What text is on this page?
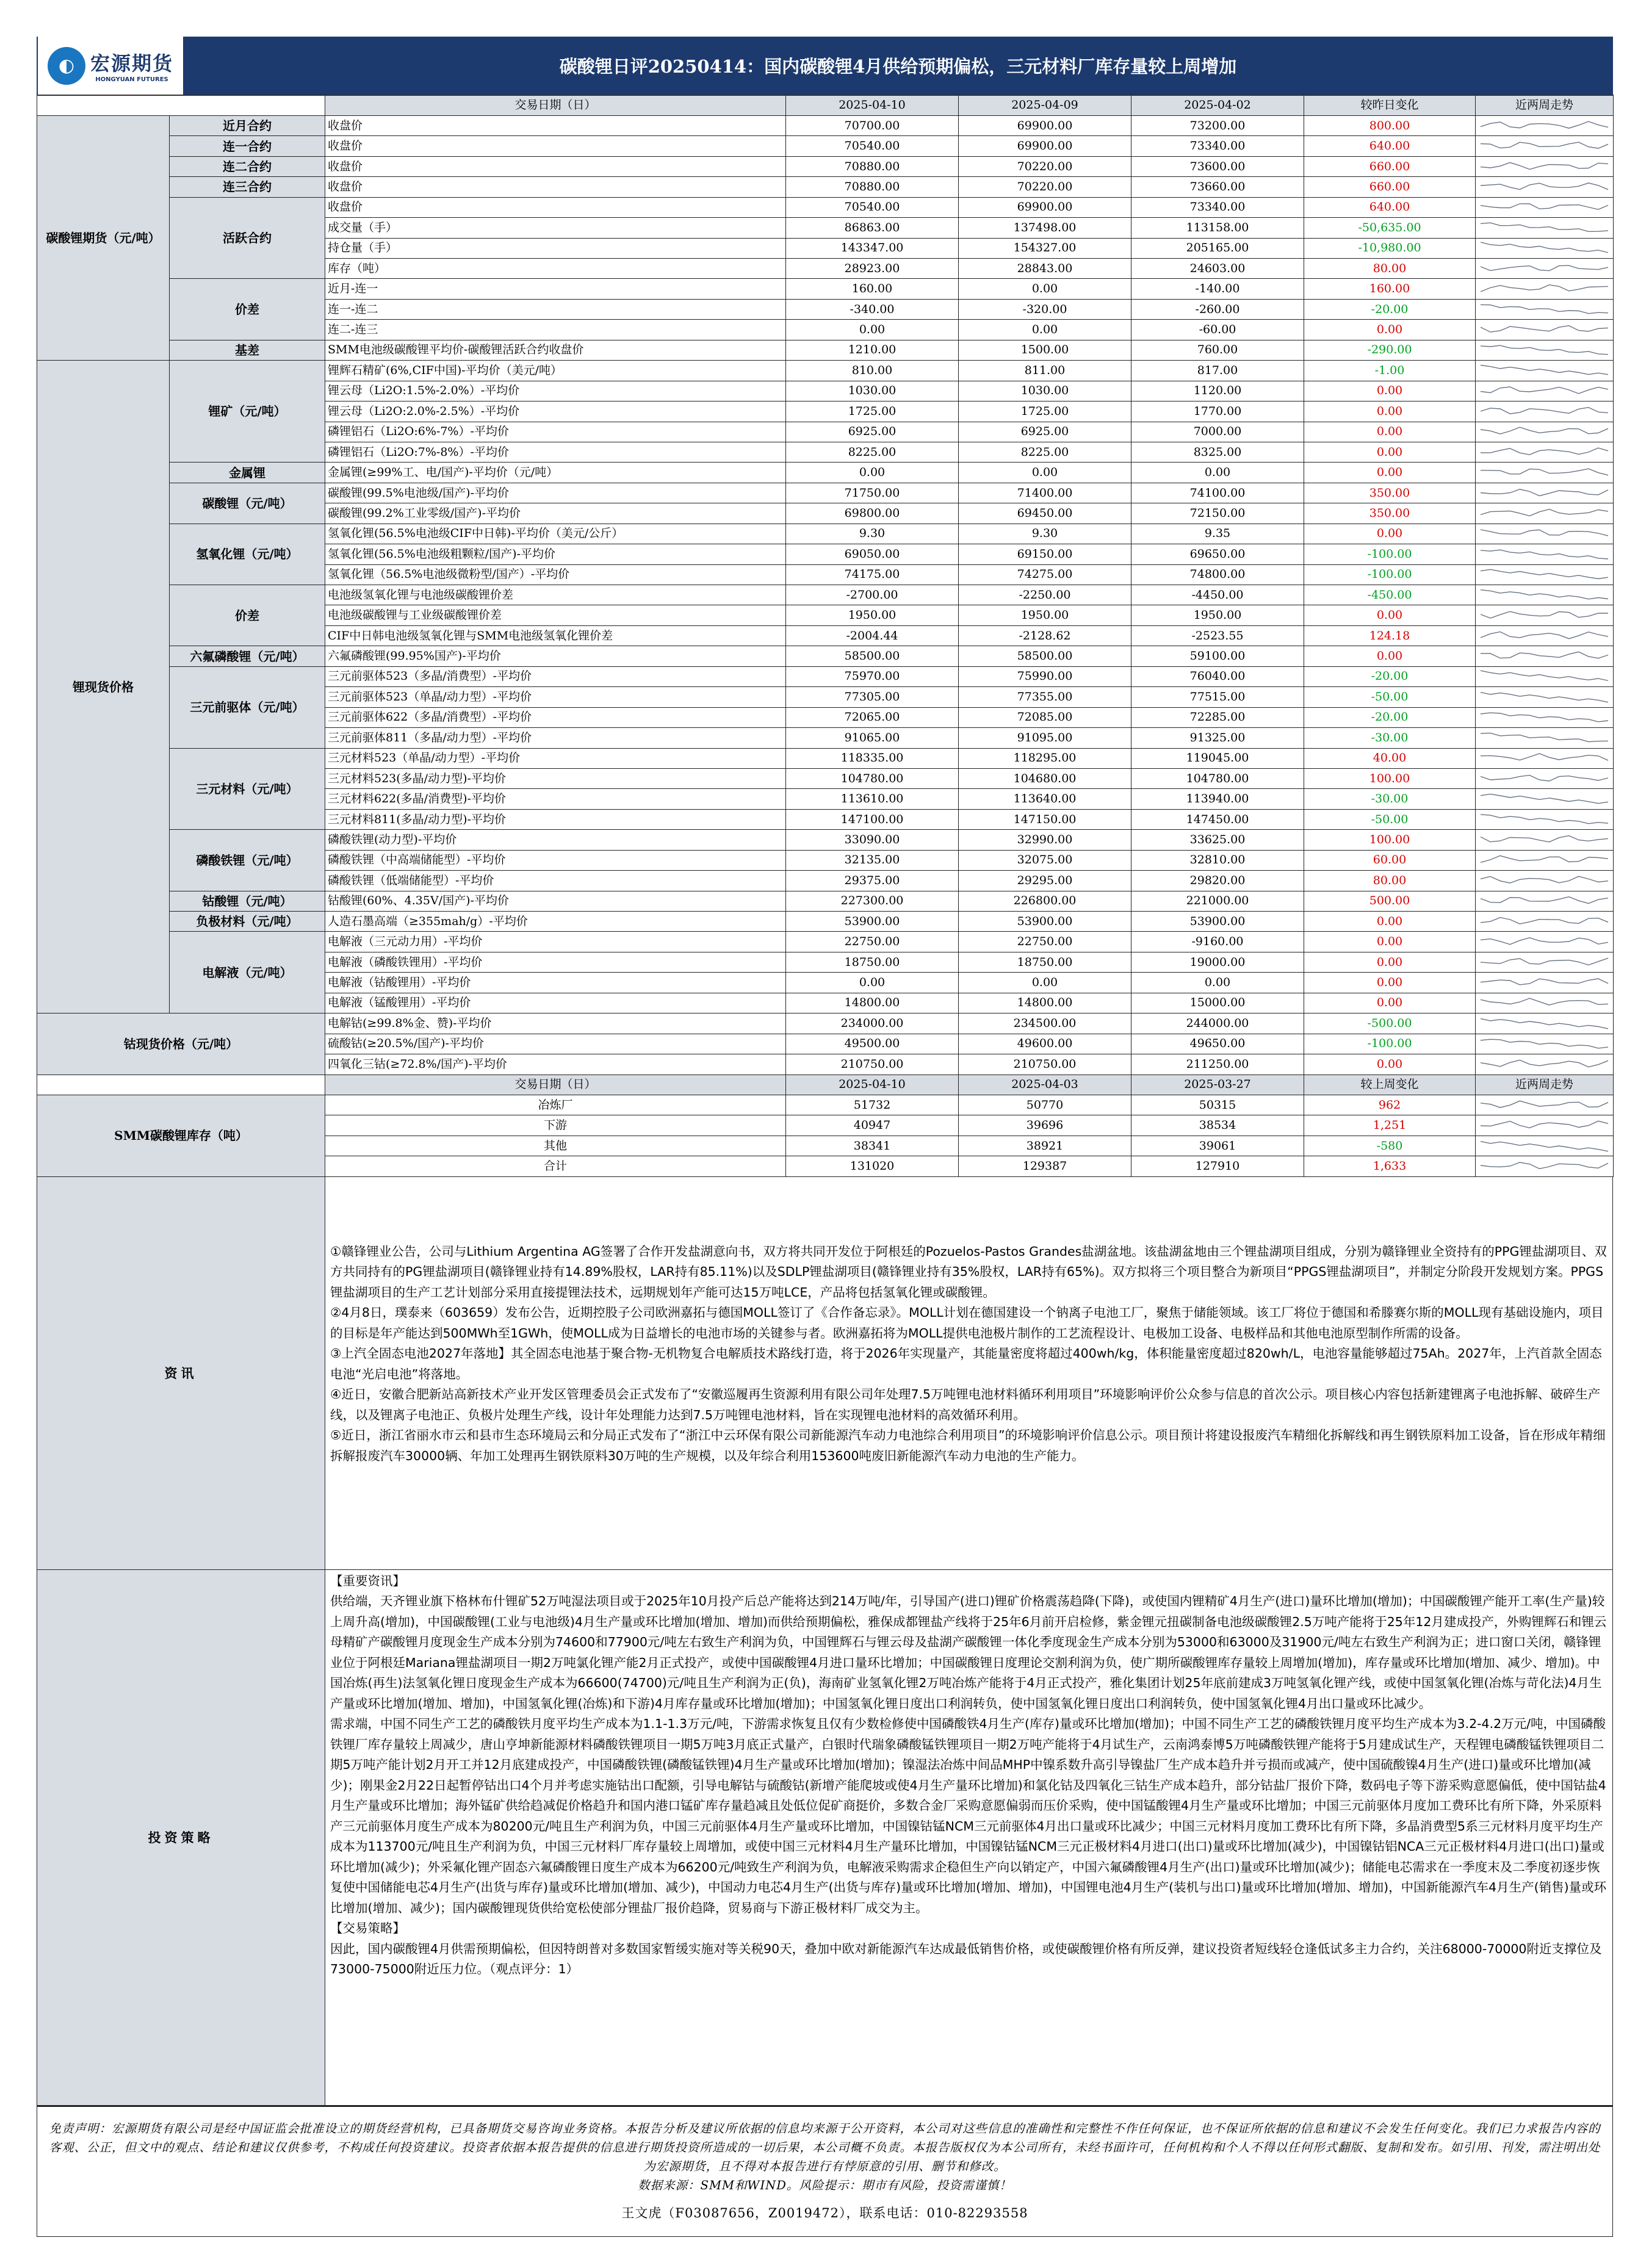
◐ 宏源期货
HONGYUAN FUTURES
碳酸锂日评20250414：国内碳酸锂4月供给预期偏松，三元材料厂库存量较上周增加
		交易日期（日）	2025-04-10	2025-04-09	2025-04-02	较昨日变化	近两周走势
碳酸锂期货（元/吨）	近月合约	收盘价	70700.00	69900.00	73200.00	800.00	

	连一合约	收盘价	70540.00	69900.00	73340.00	640.00	

	连二合约	收盘价	70880.00	70220.00	73600.00	660.00	

	连三合约	收盘价	70880.00	70220.00	73660.00	660.00	

	活跃合约	收盘价	70540.00	69900.00	73340.00	640.00	

		成交量（手）	86863.00	137498.00	113158.00	-50,635.00	

		持仓量（手）	143347.00	154327.00	205165.00	-10,980.00	

		库存（吨）	28923.00	28843.00	24603.00	80.00	

	价差	近月-连一	160.00	0.00	-140.00	160.00	

		连一-连二	-340.00	-320.00	-260.00	-20.00	

		连二-连三	0.00	0.00	-60.00	0.00	

	基差	SMM电池级碳酸锂平均价-碳酸锂活跃合约收盘价	1210.00	1500.00	760.00	-290.00	

锂现货价格	锂矿（元/吨）	锂辉石精矿(6%,CIF中国)-平均价（美元/吨）	810.00	811.00	817.00	-1.00	

		锂云母（Li2O:1.5%-2.0%）-平均价	1030.00	1030.00	1120.00	0.00	

		锂云母（Li2O:2.0%-2.5%）-平均价	1725.00	1725.00	1770.00	0.00	

		磷锂铝石（Li2O:6%-7%）-平均价	6925.00	6925.00	7000.00	0.00	

		磷锂铝石（Li2O:7%-8%）-平均价	8225.00	8225.00	8325.00	0.00	

	金属锂	金属锂(≥99%工、电/国产)-平均价（元/吨）	0.00	0.00	0.00	0.00	

	碳酸锂（元/吨）	碳酸锂(99.5%电池级/国产)-平均价	71750.00	71400.00	74100.00	350.00	

		碳酸锂(99.2%工业零级/国产)-平均价	69800.00	69450.00	72150.00	350.00	

	氢氧化锂（元/吨）	氢氧化锂(56.5%电池级CIF中日韩)-平均价（美元/公斤）	9.30	9.30	9.35	0.00	

		氢氧化锂(56.5%电池级粗颗粒/国产)-平均价	69050.00	69150.00	69650.00	-100.00	

		氢氧化锂（56.5%电池级微粉型/国产）-平均价	74175.00	74275.00	74800.00	-100.00	

	价差	电池级氢氧化锂与电池级碳酸锂价差	-2700.00	-2250.00	-4450.00	-450.00	

		电池级碳酸锂与工业级碳酸锂价差	1950.00	1950.00	1950.00	0.00	

		CIF中日韩电池级氢氧化锂与SMM电池级氢氧化锂价差	-2004.44	-2128.62	-2523.55	124.18	

	六氟磷酸锂（元/吨）	六氟磷酸锂(99.95%国产)-平均价	58500.00	58500.00	59100.00	0.00	

	三元前驱体（元/吨）	三元前驱体523（多晶/消费型）-平均价	75970.00	75990.00	76040.00	-20.00	

		三元前驱体523（单晶/动力型）-平均价	77305.00	77355.00	77515.00	-50.00	

		三元前驱体622（多晶/消费型）-平均价	72065.00	72085.00	72285.00	-20.00	

		三元前驱体811（多晶/动力型）-平均价	91065.00	91095.00	91325.00	-30.00	

	三元材料（元/吨）	三元材料523（单晶/动力型）-平均价	118335.00	118295.00	119045.00	40.00	

		三元材料523(多晶/动力型)-平均价	104780.00	104680.00	104780.00	100.00	

		三元材料622(多晶/消费型)-平均价	113610.00	113640.00	113940.00	-30.00	

		三元材料811(多晶/动力型)-平均价	147100.00	147150.00	147450.00	-50.00	

	磷酸铁锂（元/吨）	磷酸铁锂(动力型)-平均价	33090.00	32990.00	33625.00	100.00	

		磷酸铁锂（中高端储能型）-平均价	32135.00	32075.00	32810.00	60.00	

		磷酸铁锂（低端储能型）-平均价	29375.00	29295.00	29820.00	80.00	

	钴酸锂（元/吨）	钴酸锂(60%、4.35V/国产)-平均价	227300.00	226800.00	221000.00	500.00	

	负极材料（元/吨）	人造石墨高端（≥355mah/g）-平均价	53900.00	53900.00	53900.00	0.00	

	电解液（元/吨）	电解液（三元动力用）-平均价	22750.00	22750.00	-9160.00	0.00	

		电解液（磷酸铁锂用）-平均价	18750.00	18750.00	19000.00	0.00	

		电解液（钴酸锂用）-平均价	0.00	0.00	0.00	0.00	

		电解液（锰酸锂用）-平均价	14800.00	14800.00	15000.00	0.00	

钴现货价格（元/吨）		电解钴(≥99.8%金、赞)-平均价	234000.00	234500.00	244000.00	-500.00	

		硫酸钴(≥20.5%/国产)-平均价	49500.00	49600.00	49650.00	-100.00	

		四氧化三钴(≥72.8%/国产)-平均价	210750.00	210750.00	211250.00	0.00	

		交易日期（日）	2025-04-10	2025-04-03	2025-03-27	较上周变化	近两周走势
SMM碳酸锂库存（吨）		冶炼厂	51732	50770	50315	962	

		下游	40947	39696	38534	1,251	

		其他	38341	38921	39061	-580	

		合计	131020	129387	127910	1,633	
资讯
①赣锋锂业公告，公司与Lithium Argentina AG签署了合作开发盐湖意向书，双方将共同开发位于阿根廷的Pozuelos-Pastos Grandes盐湖盆地。该盐湖盆地由三个锂盐湖项目组成，分别为赣锋锂业全资持有的PPG锂盐湖项目、双方共同持有的PG锂盐湖项目(赣锋锂业持有14.89%股权，LAR持有85.11%)以及SDLP锂盐湖项目(赣锋锂业持有35%股权，LAR持有65%)。双方拟将三个项目整合为新项目“PPGS锂盐湖项目”，并制定分阶段开发规划方案。PPGS锂盐湖项目的生产工艺计划部分采用直接提锂法技术，远期规划年产能可达15万吨LCE，产品将包括氢氧化锂或碳酸锂。
②4月8日，璞泰来（603659）发布公告，近期控股子公司欧洲嘉拓与德国MOLL签订了《合作备忘录》。MOLL计划在德国建设一个钠离子电池工厂，聚焦于储能领域。该工厂将位于德国和希滕赛尔斯的MOLL现有基础设施内，项目的目标是年产能达到500MWh至1GWh，使MOLL成为日益增长的电池市场的关键参与者。欧洲嘉拓将为MOLL提供电池极片制作的工艺流程设计、电极加工设备、电极样品和其他电池原型制作所需的设备。
③上汽全固态电池2027年落地】其全固态电池基于聚合物-无机物复合电解质技术路线打造，将于2026年实现量产，其能量密度将超过400wh/kg，体积能量密度超过820wh/L，电池容量能够超过75Ah。2027年，上汽首款全固态电池“光启电池”将落地。
④近日，安徽合肥新站高新技术产业开发区管理委员会正式发布了“安徽巡履再生资源利用有限公司年处理7.5万吨锂电池材料循环利用项目”环境影响评价公众参与信息的首次公示。项目核心内容包括新建锂离子电池拆解、破碎生产线，以及锂离子电池正、负极片处理生产线，设计年处理能力达到7.5万吨锂电池材料，旨在实现锂电池材料的高效循环利用。
⑤近日，浙江省丽水市云和县市生态环境局云和分局正式发布了“浙江中云环保有限公司新能源汽车动力电池综合利用项目”的环境影响评价信息公示。项目预计将建设报废汽车精细化拆解线和再生钢铁原料加工设备，旨在形成年精细拆解报废汽车30000辆、年加工处理再生钢铁原料30万吨的生产规模，以及年综合利用153600吨废旧新能源汽车动力电池的生产能力。
投资策略

【重要资讯】

供给端，天齐锂业旗下格林布什锂矿52万吨湿法项目或于2025年10月投产后总产能将达到214万吨/年，引导国产(进口)锂矿价格震荡趋降(下降)，或使国内锂精矿4月生产(进口)量环比增加(增加)；中国碳酸锂产能开工率(生产量)较上周升高(增加)，中国碳酸锂(工业与电池级)4月生产量或环比增加(增加、增加)而供给预期偏松，雅保成都锂盐产线将于25年6月前开启检修，紫金锂元扭碳制备电池级碳酸锂2.5万吨产能将于25年12月建成投产，外购锂辉石和锂云母精矿产碳酸锂月度现金生产成本分别为74600和77900元/吨左右致生产利润为负，中国锂辉石与锂云母及盐湖产碳酸锂一体化季度现金生产成本分别为53000和63000及31900元/吨左右致生产利润为正；进口窗口关闭，赣锋锂业位于阿根廷Mariana锂盐湖项目一期2万吨氯化锂产能2月正式投产，或使中国碳酸锂4月进口量环比增加；中国碳酸锂日度理论交割利润为负，使广期所碳酸锂库存量较上周增加(增加)，库存量或环比增加(增加、减少、增加)。中国冶炼(再生)法氢氧化锂日度现金生产成本为66600(74700)元/吨且生产利润为正(负)，海南矿业氢氧化锂2万吨冶炼产能将于4月正式投产，雅化集团计划25年底前建成3万吨氢氧化锂产线，或使中国氢氧化锂(冶炼与苛化法)4月生产量或环比增加(增加、增加)，中国氢氧化锂(冶炼)和下游)4月库存量或环比增加(增加)；中国氢氧化锂日度出口利润转负，使中国氢氧化锂日度出口利润转负，使中国氢氧化锂4月出口量或环比减少。

需求端，中国不同生产工艺的磷酸铁月度平均生产成本为1.1-1.3万元/吨，下游需求恢复且仅有少数检修使中国磷酸铁4月生产(库存)量或环比增加(增加)；中国不同生产工艺的磷酸铁锂月度平均生产成本为3.2-4.2万元/吨，中国磷酸铁锂厂库存量较上周减少，唐山亨坤新能源材料磷酸铁锂项目一期5万吨3月底正式量产，白银时代瑞象磷酸锰铁锂项目一期2万吨产能将于4月试生产，云南鸿泰博5万吨磷酸铁锂产能将于5月建成试生产，天程锂电磷酸锰铁锂项目二期5万吨产能计划2月开工并12月底建成投产，中国磷酸铁锂(磷酸锰铁锂)4月生产量或环比增加(增加)；镍湿法冶炼中间品MHP中镍系数升高引导镍盐厂生产成本趋升并亏损而或减产，使中国硫酸镍4月生产(进口)量或环比增加(减少)；刚果金2月22日起暂停钴出口4个月并考虑实施钴出口配额，引导电解钴与硫酸钴(新增产能爬坡或使4月生产量环比增加)和氯化钴及四氧化三钴生产成本趋升，部分钴盐厂报价下降，数码电子等下游采购意愿偏低，使中国钴盐4月生产量或环比增加；海外锰矿供给趋减促价格趋升和国内港口锰矿库存量趋减且处低位促矿商挺价，多数合金厂采购意愿偏弱而压价采购，使中国锰酸锂4月生产量或环比增加；中国三元前驱体月度加工费环比有所下降，外采原料产三元前驱体月度生产成本为80200元/吨且生产利润为负，中国三元前驱体4月生产量或环比增加，中国镍钴锰NCM三元前驱体4月出口量或环比减少；中国三元材料月度加工费环比有所下降，多晶消费型5系三元材料月度平均生产成本为113700元/吨且生产利润为负，中国三元材料厂库存量较上周增加，或使中国三元材料4月生产量环比增加，中国镍钴锰NCM三元正极材料4月进口(出口)量或环比增加(减少)，中国镍钴铝NCA三元正极材料4月进口(出口)量或环比增加(减少)；外采氟化锂产固态六氟磷酸锂日度生产成本为66200元/吨致生产利润为负，电解液采购需求企稳但生产向以销定产，中国六氟磷酸锂4月生产(出口)量或环比增加(减少)；储能电芯需求在一季度末及二季度初逐步恢复使中国储能电芯4月生产(出货与库存)量或环比增加(增加、减少)，中国动力电芯4月生产(出货与库存)量或环比增加(增加、增加)，中国锂电池4月生产(装机与出口)量或环比增加(增加、增加)，中国新能源汽车4月生产(销售)量或环比增加(增加、减少)；国内碳酸锂现货供给宽松使部分锂盐厂报价趋降，贸易商与下游正极材料厂成交为主。

【交易策略】

因此，国内碳酸锂4月供需预期偏松，但因特朗普对多数国家暂缓实施对等关税90天，叠加中欧对新能源汽车达成最低销售价格，或使碳酸锂价格有所反弹，建议投资者短线轻仓逢低试多主力合约，关注68000-70000附近支撑位及73000-75000附近压力位。（观点评分：1）

免责声明：宏源期货有限公司是经中国证监会批准设立的期货经营机构，已具备期货交易咨询业务资格。本报告分析及建议所依据的信息均来源于公开资料，本公司对这些信息的准确性和完整性不作任何保证，也不保证所依据的信息和建议不会发生任何变化。我们已力求报告内容的客观、公正，但文中的观点、结论和建议仅供参考，不构成任何投资建议。投资者依据本报告提供的信息进行期货投资所造成的一切后果，本公司概不负责。本报告版权仅为本公司所有，未经书面许可，任何机构和个人不得以任何形式翻版、复制和发布。如引用、刊发，需注明出处为宏源期货，且不得对本报告进行有悖原意的引用、删节和修改。
数据来源：SMM和WIND。风险提示：期市有风险，投资需谨慎！
王文虎（F03087656，Z0019472），联系电话：010-82293558
